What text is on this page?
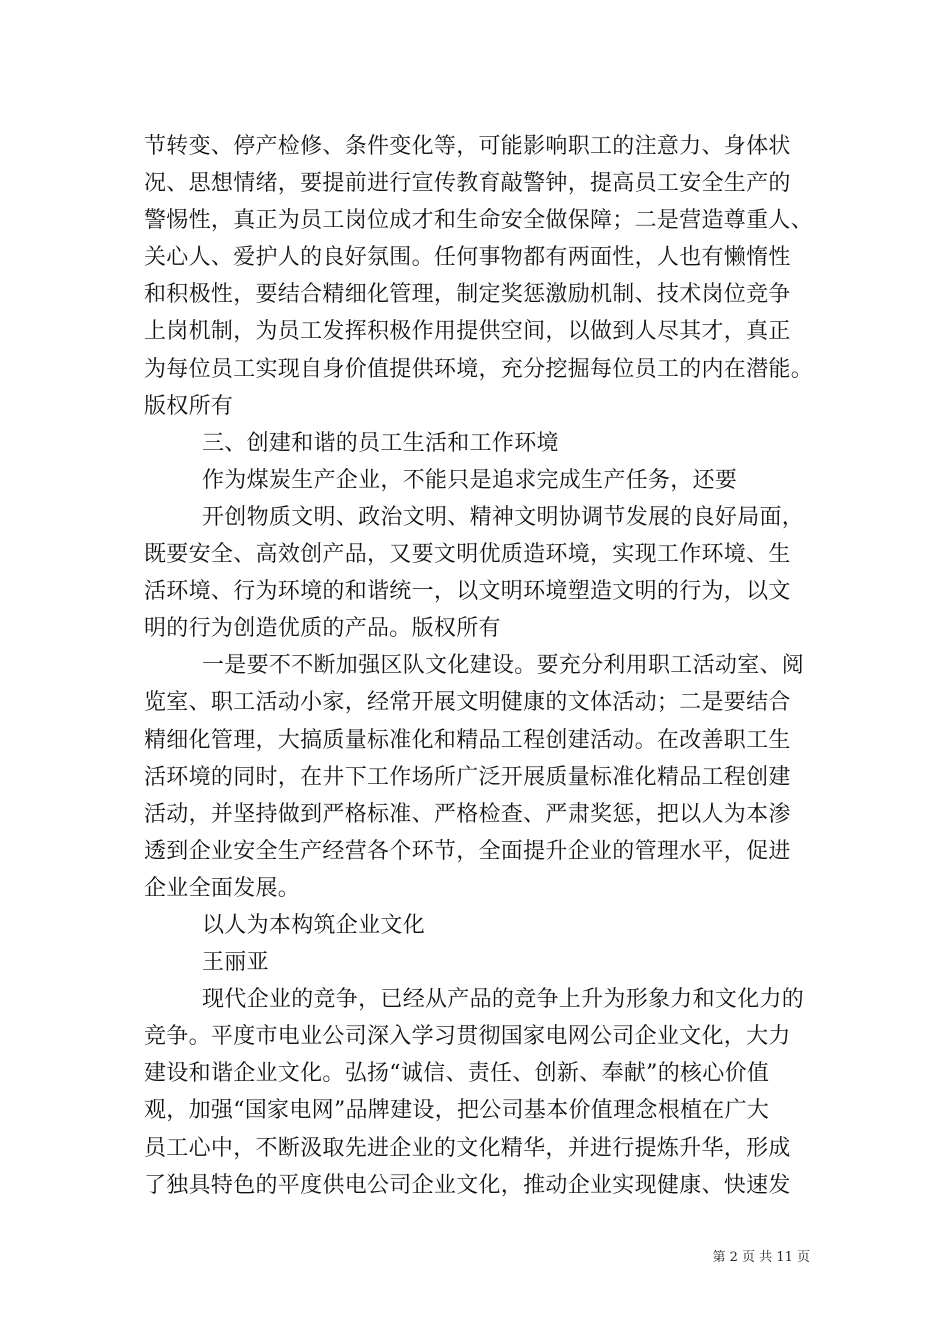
节转变、停产检修、条件变化等，可能影响职工的注意力、身体状
况、思想情绪，要提前进行宣传教育敲警钟，提高员工安全生产的
警惕性，真正为员工岗位成才和生命安全做保障；二是营造尊重人、
关心人、爱护人的良好氛围。任何事物都有两面性，人也有懒惰性
和积极性，要结合精细化管理，制定奖惩激励机制、技术岗位竞争
上岗机制，为员工发挥积极作用提供空间，以做到人尽其才，真正
为每位员工实现自身价值提供环境，充分挖掘每位员工的内在潜能。
版权所有
三、创建和谐的员工生活和工作环境
作为煤炭生产企业，不能只是追求完成生产任务，还要
开创物质文明、政治文明、精神文明协调节发展的良好局面，
既要安全、高效创产品，又要文明优质造环境，实现工作环境、生
活环境、行为环境的和谐统一，以文明环境塑造文明的行为，以文
明的行为创造优质的产品。版权所有
一是要不不断加强区队文化建设。要充分利用职工活动室、阅
览室、职工活动小家，经常开展文明健康的文体活动；二是要结合
精细化管理，大搞质量标准化和精品工程创建活动。在改善职工生
活环境的同时，在井下工作场所广泛开展质量标准化精品工程创建
活动，并坚持做到严格标准、严格检查、严肃奖惩，把以人为本渗
透到企业安全生产经营各个环节，全面提升企业的管理水平，促进
企业全面发展。
以人为本构筑企业文化
王丽亚
现代企业的竞争，已经从产品的竞争上升为形象力和文化力的
竞争。平度市电业公司深入学习贯彻国家电网公司企业文化，大力
建设和谐企业文化。弘扬“诚信、责任、创新、奉献”的核心价值
观，加强“国家电网”品牌建设，把公司基本价值理念根植在广大
员工心中，不断汲取先进企业的文化精华，并进行提炼升华，形成
了独具特色的平度供电公司企业文化，推动企业实现健康、快速发
第 2 页 共 11 页
